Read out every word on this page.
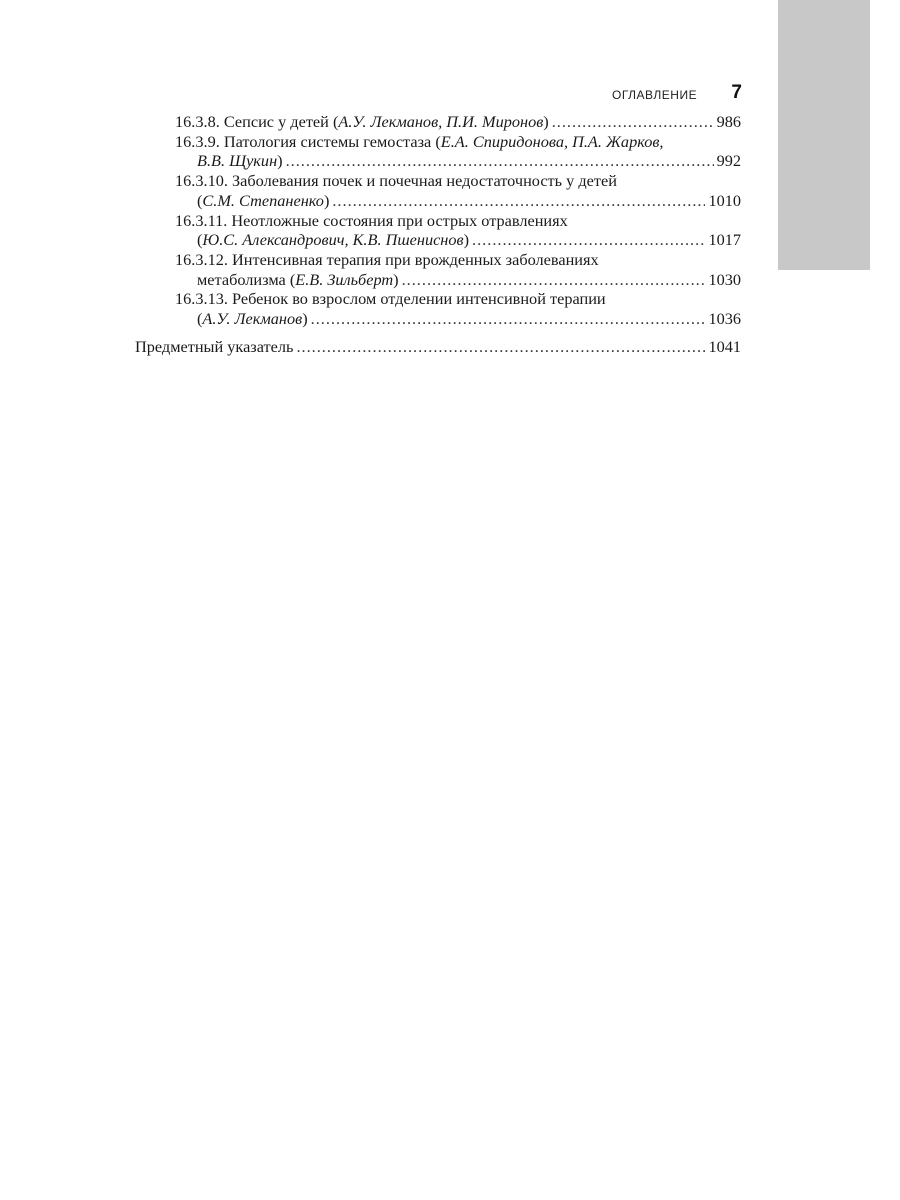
ОГЛАВЛЕНИЕ 7
16.3.8. Сепсис у детей (А.У. Лекманов, П.И. Миронов) .....	986
16.3.9. Патология системы гемостаза (Е.А. Спиридонова, П.А. Жарков,
В.В. Щукин) .....	992
16.3.10. Заболевания почек и почечная недостаточность у детей
(С.М. Степаненко) .....	1010
16.3.11. Неотложные состояния при острых отравлениях
(Ю.С. Александрович, К.В. Пшениснов) .....	1017
16.3.12. Интенсивная терапия при врожденных заболеваниях
метаболизма (Е.В. Зильберт) .....	1030
16.3.13. Ребенок во взрослом отделении интенсивной терапии
(А.У. Лекманов) .....	1036
Предметный указатель .....	1041
